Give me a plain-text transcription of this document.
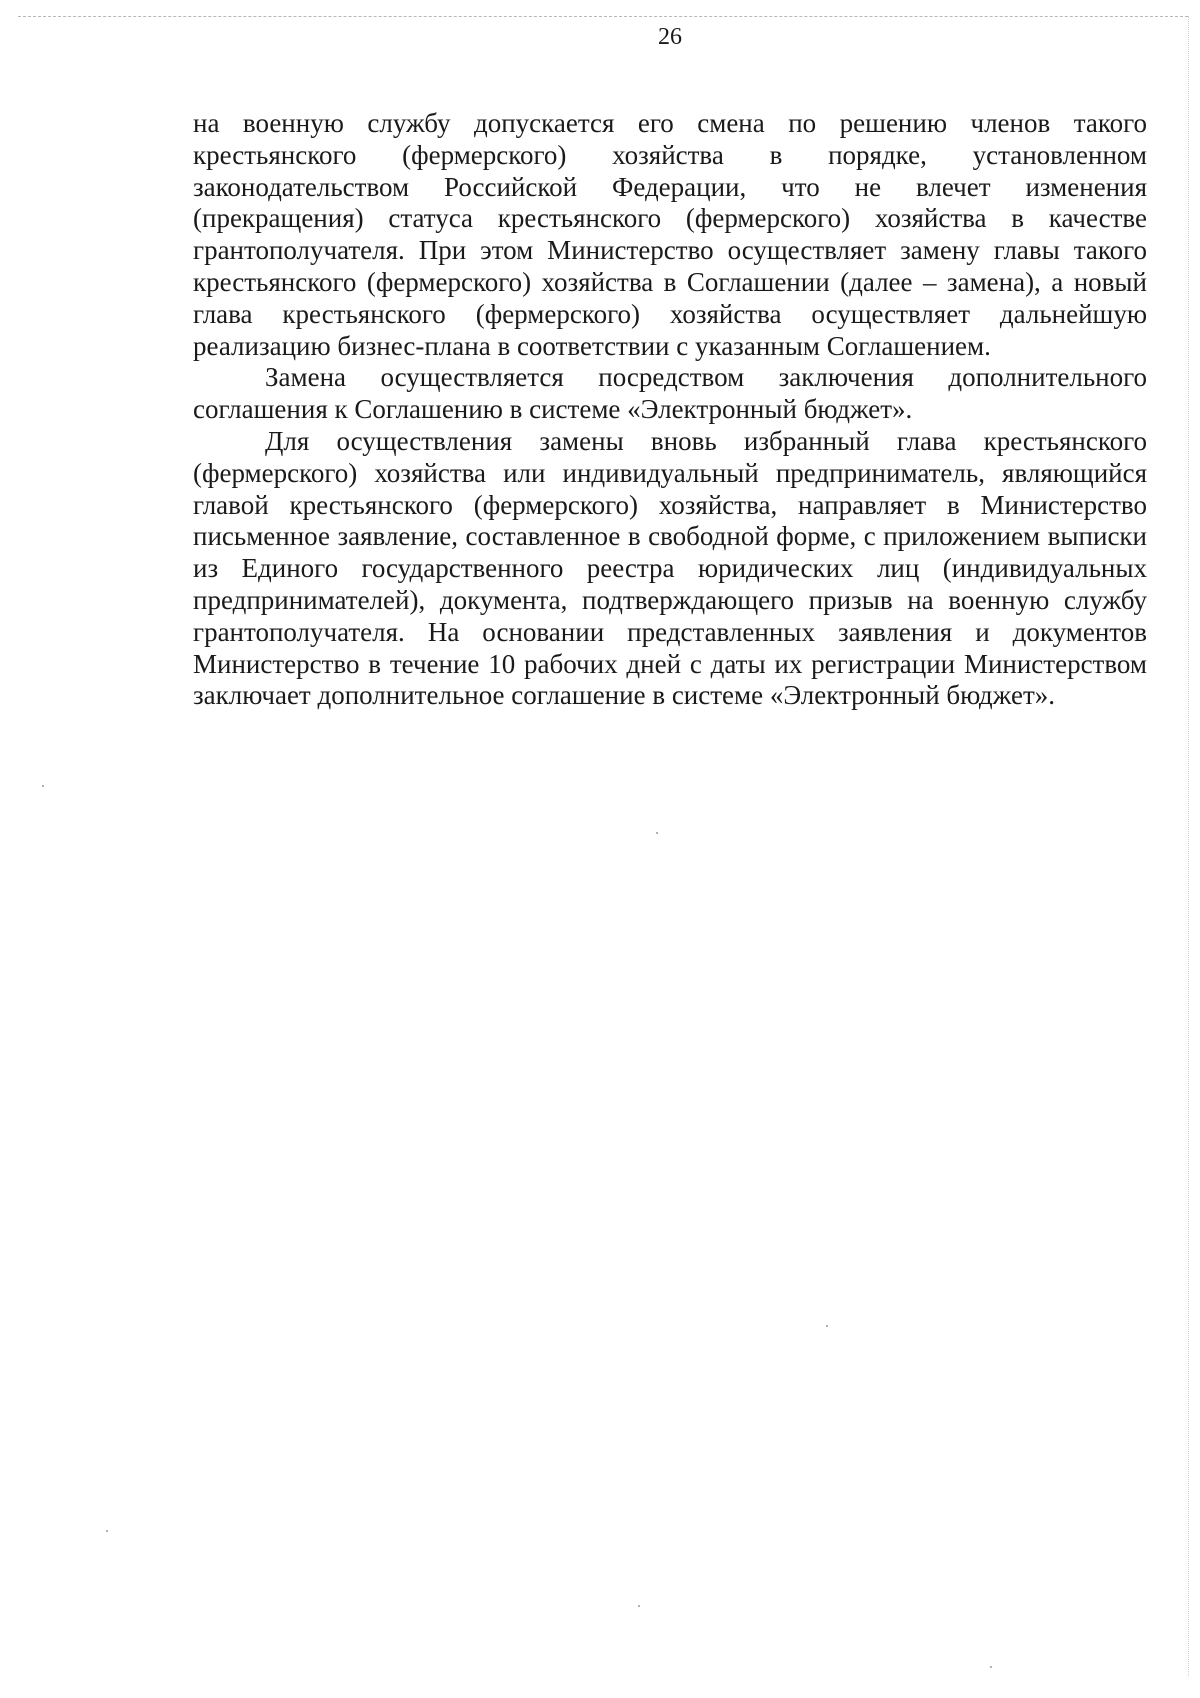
26

на военную службу допускается его смена по решению членов такого крестьянского (фермерского) хозяйства в порядке, установленном законодательством Российской Федерации, что не влечет изменения (прекращения) статуса крестьянского (фермерского) хозяйства в качестве грантополучателя. При этом Министерство осуществляет замену главы такого крестьянского (фермерского) хозяйства в Соглашении (далее – замена), а новый глава крестьянского (фермерского) хозяйства осуществляет дальнейшую реализацию бизнес-плана в соответствии с указанным Соглашением.

Замена осуществляется посредством заключения дополнительного соглашения к Соглашению в системе «Электронный бюджет».

Для осуществления замены вновь избранный глава крестьянского (фермерского) хозяйства или индивидуальный предприниматель, являющийся главой крестьянского (фермерского) хозяйства, направляет в Министерство письменное заявление, составленное в свободной форме, с приложением выписки из Единого государственного реестра юридических лиц (индивидуальных предпринимателей), документа, подтверждающего призыв на военную службу грантополучателя. На основании представленных заявления и документов Министерство в течение 10 рабочих дней с даты их регистрации Министерством заключает дополнительное соглашение в системе «Электронный бюджет».
